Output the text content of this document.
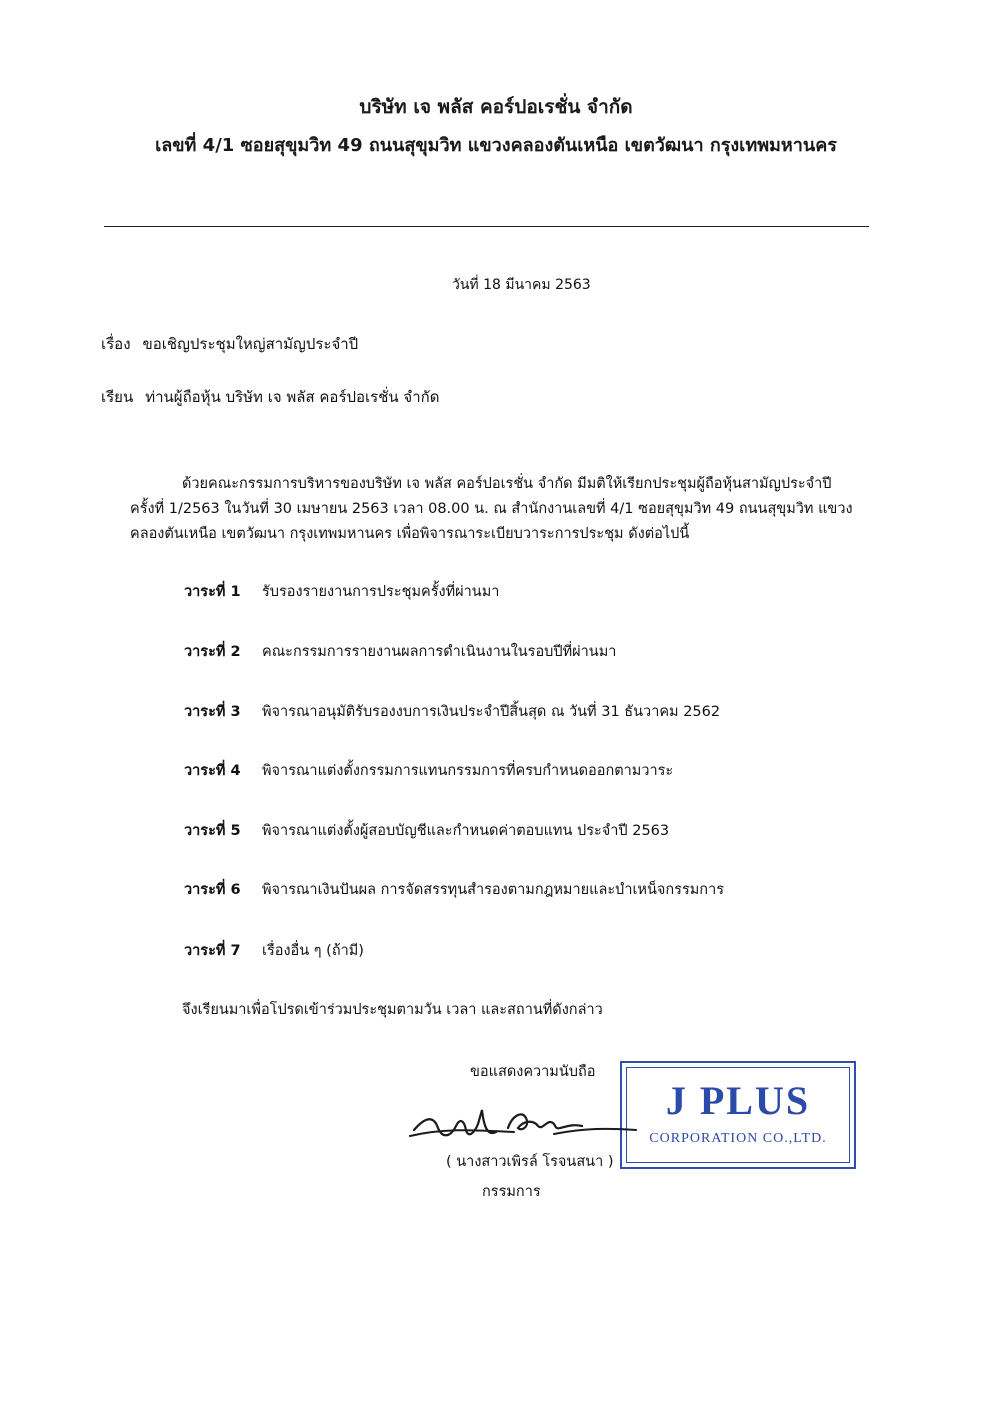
บริษัท เจ พลัส คอร์ปอเรชั่น จำกัด
เลขที่ 4/1 ซอยสุขุมวิท 49 ถนนสุขุมวิท แขวงคลองตันเหนือ เขตวัฒนา กรุงเทพมหานคร
วันที่ 18 มีนาคม 2563
เรื่อง ขอเชิญประชุมใหญ่สามัญประจำปี
เรียน ท่านผู้ถือหุ้น บริษัท เจ พลัส คอร์ปอเรชั่น จำกัด
ด้วยคณะกรรมการบริหารของบริษัท เจ พลัส คอร์ปอเรชั่น จำกัด มีมติให้เรียกประชุมผู้ถือหุ้นสามัญประจำปี
ครั้งที่ 1/2563 ในวันที่ 30 เมษายน 2563 เวลา 08.00 น. ณ สำนักงานเลขที่ 4/1 ซอยสุขุมวิท 49 ถนนสุขุมวิท แขวง
คลองตันเหนือ เขตวัฒนา กรุงเทพมหานคร เพื่อพิจารณาระเบียบวาระการประชุม ดังต่อไปนี้
วาระที่ 1 รับรองรายงานการประชุมครั้งที่ผ่านมา
วาระที่ 2 คณะกรรมการรายงานผลการดำเนินงานในรอบปีที่ผ่านมา
วาระที่ 3 พิจารณาอนุมัติรับรองงบการเงินประจำปีสิ้นสุด ณ วันที่ 31 ธันวาคม 2562
วาระที่ 4 พิจารณาแต่งตั้งกรรมการแทนกรรมการที่ครบกำหนดออกตามวาระ
วาระที่ 5 พิจารณาแต่งตั้งผู้สอบบัญชีและกำหนดค่าตอบแทน ประจำปี 2563
วาระที่ 6 พิจารณาเงินปันผล การจัดสรรทุนสำรองตามกฎหมายและบำเหน็จกรรมการ
วาระที่ 7 เรื่องอื่น ๆ (ถ้ามี)
จึงเรียนมาเพื่อโปรดเข้าร่วมประชุมตามวัน เวลา และสถานที่ดังกล่าว
ขอแสดงความนับถือ
J PLUS
CORPORATION CO.,LTD.
( นางสาวเพิรล์ โรจนสนา )
กรรมการ
